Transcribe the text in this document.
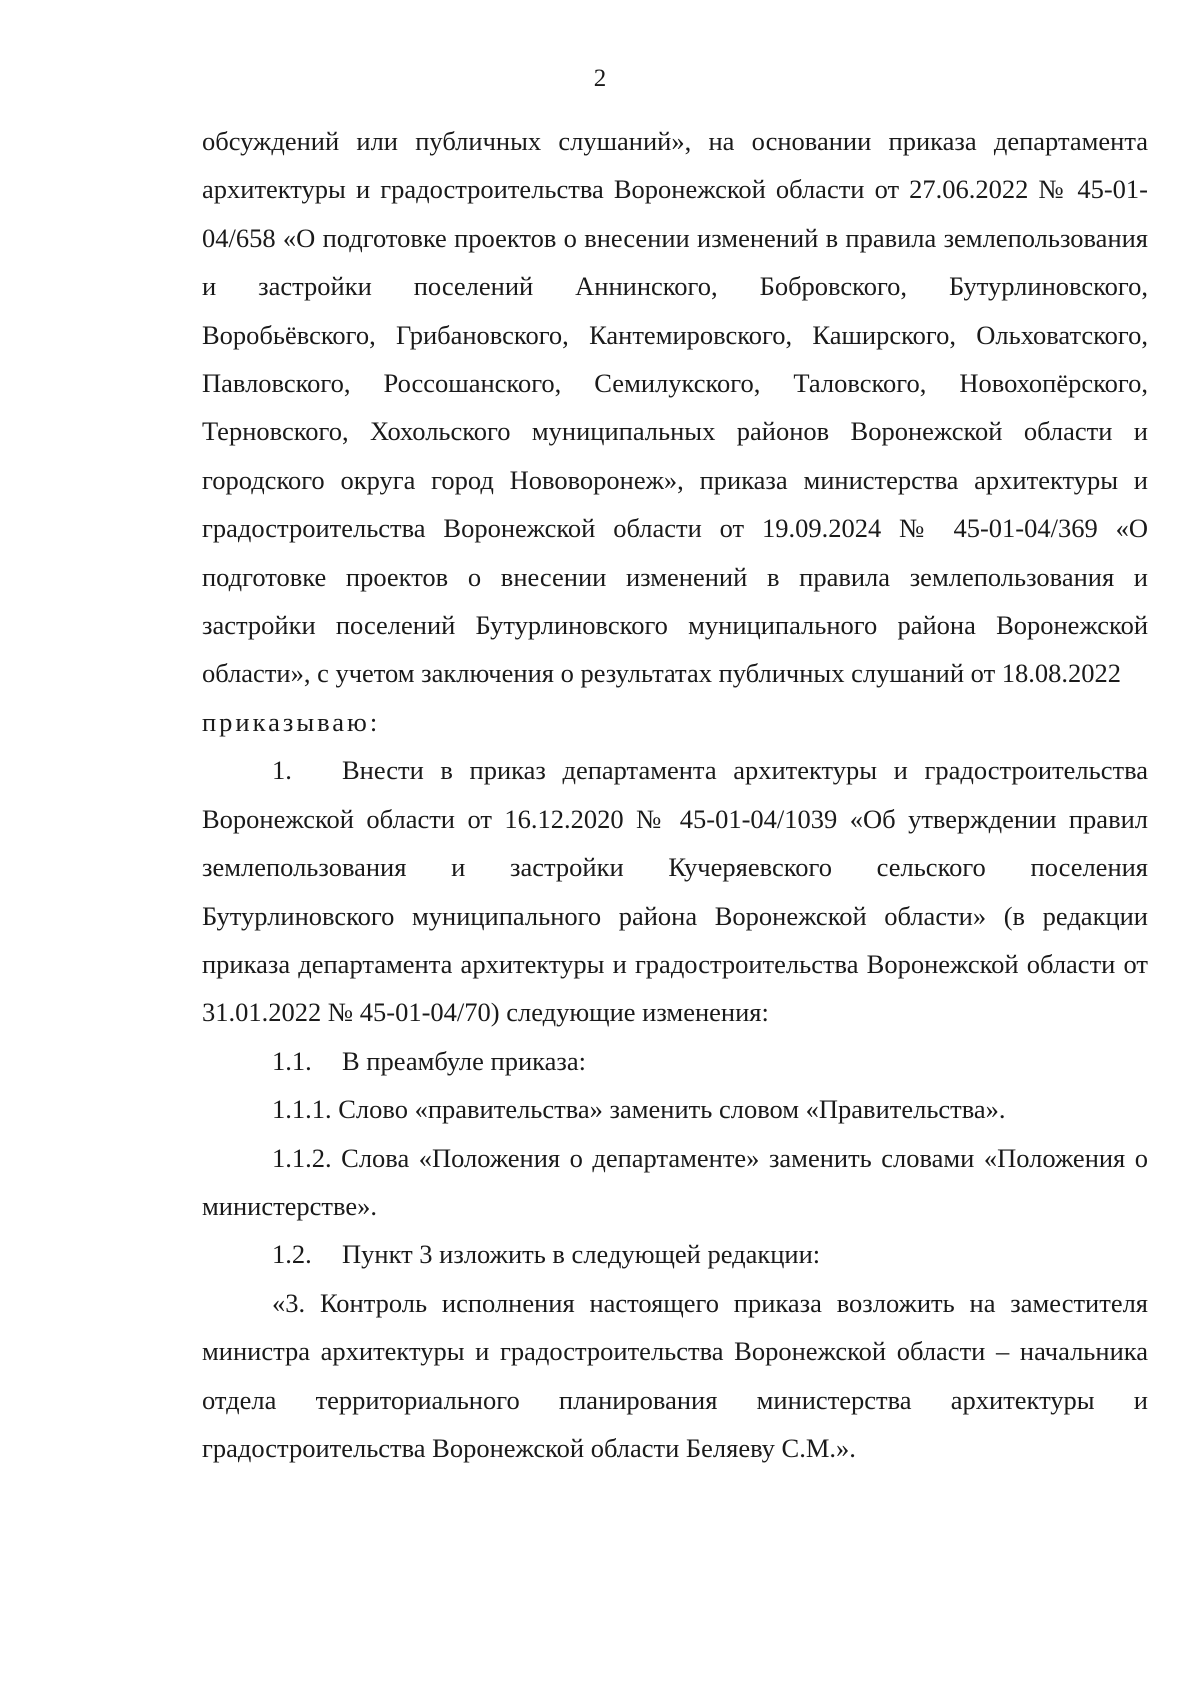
2

обсуждений или публичных слушаний», на основании приказа департамента архитектуры и градостроительства Воронежской области от 27.06.2022 № 45-01-04/658 «О подготовке проектов о внесении изменений в правила землепользования и застройки поселений Аннинского, Бобровского, Бутурлиновского, Воробьёвского, Грибановского, Кантемировского, Каширского, Ольховатского, Павловского, Россошанского, Семилукского, Таловского, Новохопёрского, Терновского, Хохольского муниципальных районов Воронежской области и городского округа город Нововоронеж», приказа министерства архитектуры и градостроительства Воронежской области от 19.09.2024 № 45-01-04/369 «О подготовке проектов о внесении изменений в правила землепользования и застройки поселений Бутурлиновского муниципального района Воронежской области», с учетом заключения о результатах публичных слушаний от 18.08.2022

приказываю:

1. Внести в приказ департамента архитектуры и градостроительства Воронежской области от 16.12.2020 № 45-01-04/1039 «Об утверждении правил землепользования и застройки Кучеряевского сельского поселения Бутурлиновского муниципального района Воронежской области» (в редакции приказа департамента архитектуры и градостроительства Воронежской области от 31.01.2022 № 45-01-04/70) следующие изменения:

1.1. В преамбуле приказа:

1.1.1. Слово «правительства» заменить словом «Правительства».

1.1.2. Слова «Положения о департаменте» заменить словами «Положения о министерстве».

1.2. Пункт 3 изложить в следующей редакции:

«3. Контроль исполнения настоящего приказа возложить на заместителя министра архитектуры и градостроительства Воронежской области – начальника отдела территориального планирования министерства архитектуры и градостроительства Воронежской области Беляеву С.М.».
